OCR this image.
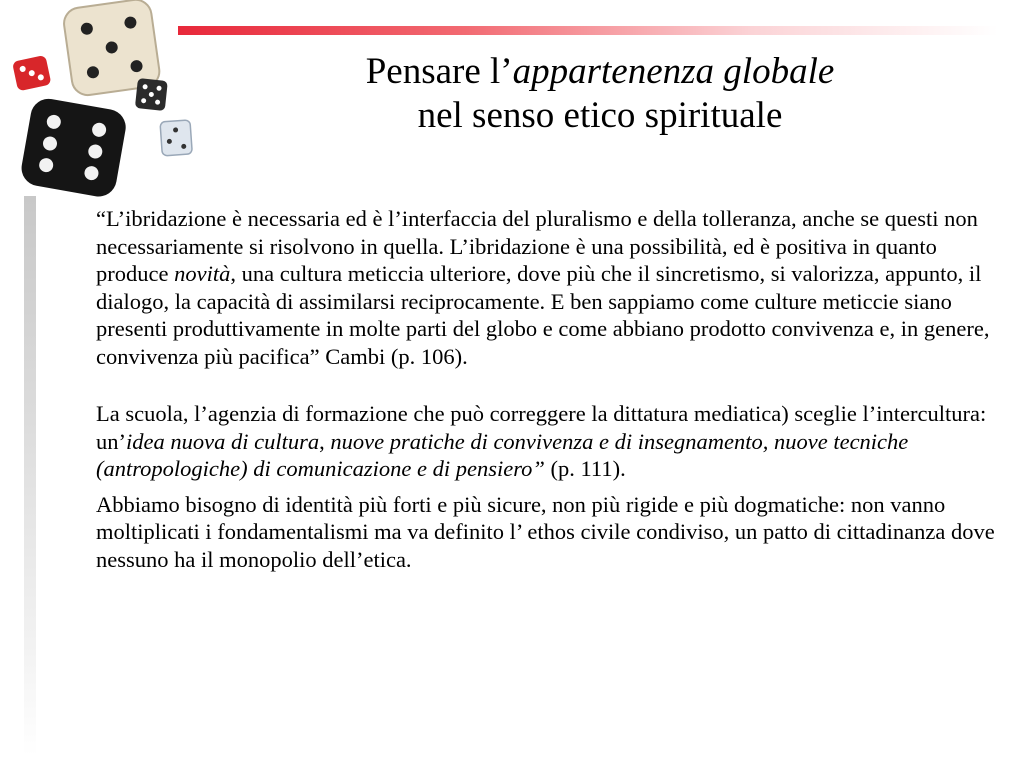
Pensare l’appartenenza globale
nel senso etico spirituale

“L’ibridazione è necessaria ed è l’interfaccia del pluralismo e della tolleranza, anche se questi non necessariamente si risolvono in quella. L’ibridazione è una possibilità, ed è positiva in quanto produce novità, una cultura meticcia ulteriore, dove più che il sincretismo, si valorizza, appunto, il dialogo, la capacità di assimilarsi reciprocamente. E ben sappiamo come culture meticcie siano presenti produttivamente in molte parti del globo e come abbiano prodotto convivenza e, in genere, convivenza più pacifica” Cambi (p. 106).

La scuola, l’agenzia di formazione che può correggere la dittatura mediatica) sceglie l’intercultura: un’idea nuova di cultura, nuove pratiche di convivenza e di insegnamento, nuove tecniche (antropologiche) di comunicazione e di pensiero” (p. 111).

Abbiamo bisogno di identità più forti e più sicure, non più rigide e più dogmatiche: non vanno moltiplicati i fondamentalismi ma va definito l’ ethos civile condiviso, un patto di cittadinanza dove nessuno ha il monopolio dell’etica.
